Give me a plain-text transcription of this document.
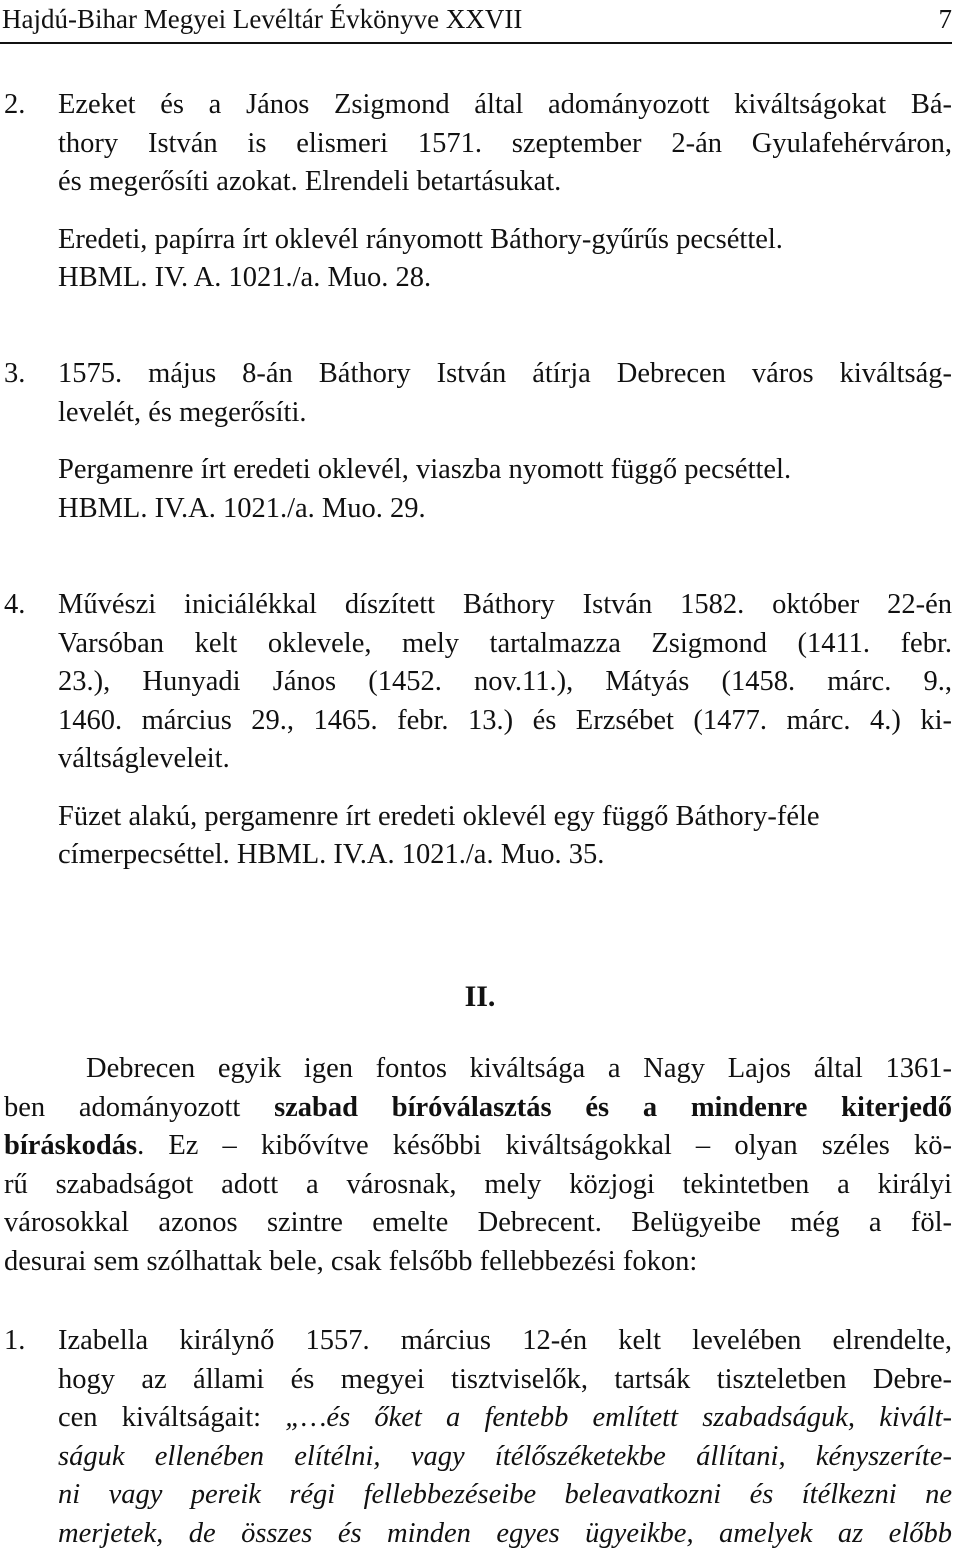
Hajdú-Bihar Megyei Levéltár Évkönyve XXVII	7
2.	Ezeket és a János Zsigmond által adományozott kiváltságokat Bá-
thory István is elismeri 1571. szeptember 2-án Gyulafehérváron,
és megerősíti azokat. Elrendeli betartásukat.
Eredeti, papírra írt oklevél rányomott Báthory-gyűrűs pecséttel.
HBML. IV. A. 1021./a. Muo. 28.
3.	1575. május 8-án Báthory István átírja Debrecen város kiváltság-
levelét, és megerősíti.
Pergamenre írt eredeti oklevél, viaszba nyomott függő pecséttel.
HBML. IV.A. 1021./a. Muo. 29.
4.	Művészi iniciálékkal díszített Báthory István 1582. október 22-én
Varsóban kelt oklevele, mely tartalmazza Zsigmond (1411. febr.
23.), Hunyadi János (1452. nov.11.), Mátyás (1458. márc. 9.,
1460. március 29., 1465. febr. 13.) és Erzsébet (1477. márc. 4.) ki-
váltságleveleit.
Füzet alakú, pergamenre írt eredeti oklevél egy függő Báthory-féle
címerpecséttel. HBML. IV.A. 1021./a. Muo. 35.
II.
Debrecen egyik igen fontos kiváltsága a Nagy Lajos által 1361-
ben adományozott szabad bíróválasztás és a mindenre kiterjedő
bíráskodás. Ez – kibővítve későbbi kiváltságokkal – olyan széles kö-
rű szabadságot adott a városnak, mely közjogi tekintetben a királyi
városokkal azonos szintre emelte Debrecent. Belügyeibe még a föl-
desurai sem szólhattak bele, csak felsőbb fellebbezési fokon:
1.	Izabella királynő 1557. március 12-én kelt levelében elrendelte,
hogy az állami és megyei tisztviselők, tartsák tiszteletben Debre-
cen kiváltságait: „…és őket a fentebb említett szabadságuk, kivált-
ságuk ellenében elítélni, vagy ítélőszéketekbe állítani, kényszeríte-
ni vagy pereik régi fellebbezéseibe beleavatkozni és ítélkezni ne
merjetek, de összes és minden egyes ügyeikbe, amelyek az előbb
